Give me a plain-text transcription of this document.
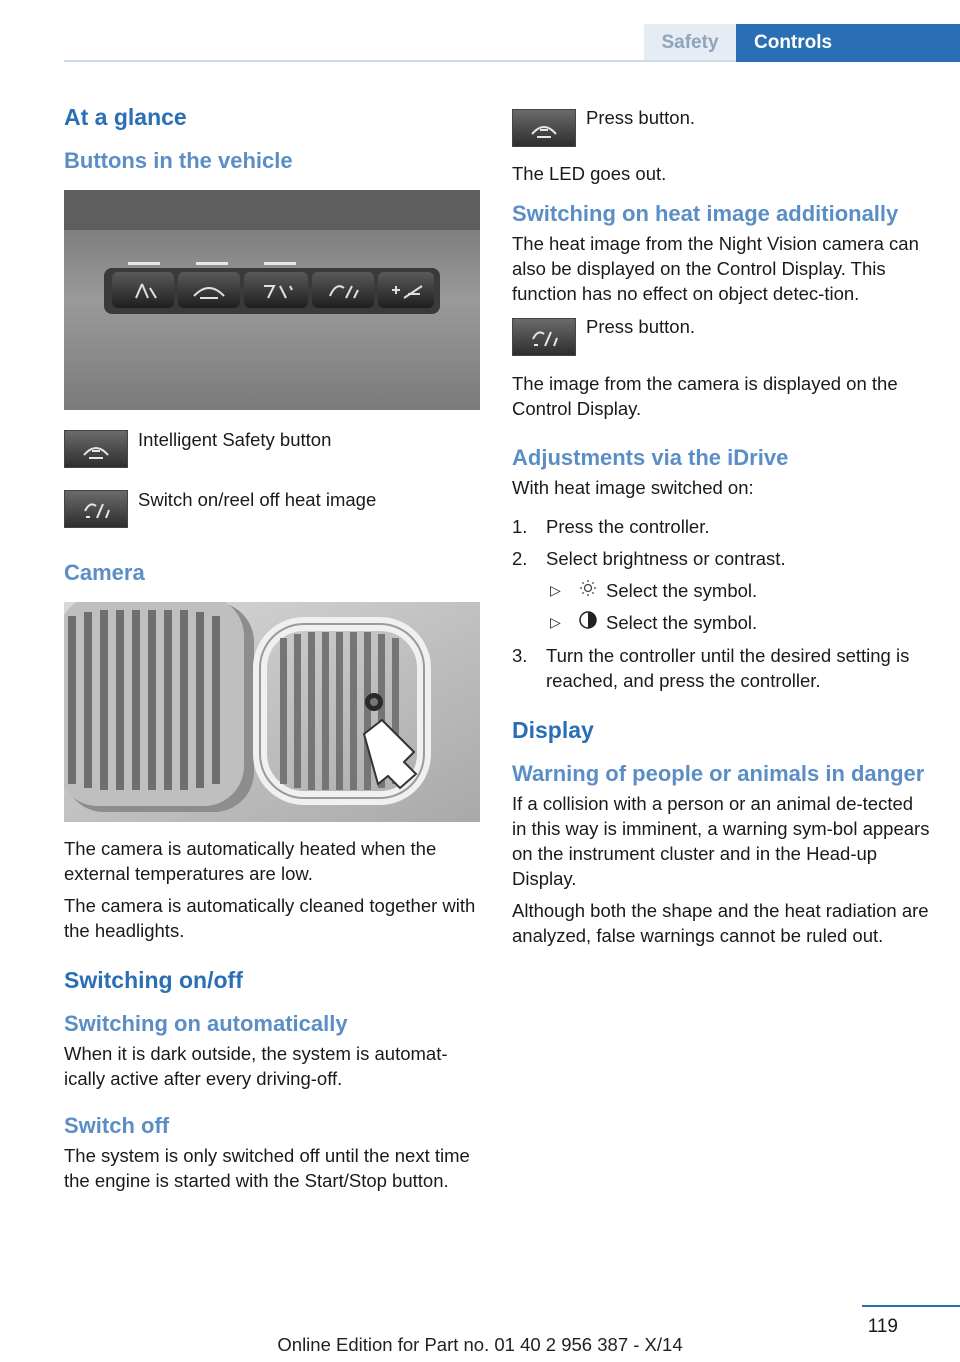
Safety	Controls
At a glance
Buttons in the vehicle
Intelligent Safety button
Switch on/reel off heat image
Camera

The camera is automatically heated when the external temperatures are low.

The camera is automatically cleaned together with the headlights.

Switching on/off
Switching on automatically

When it is dark outside, the system is automat-ically active after every driving-off.

Switch off

The system is only switched off until the next time the engine is started with the Start/Stop button.

Press button.

The LED goes out.

Switching on heat image additionally

The heat image from the Night Vision camera can also be displayed on the Control Display. This function has no effect on object detec-tion.

Press button.

The image from the camera is displayed on the Control Display.

Adjustments via the iDrive

With heat image switched on:

1.	Press the controller.
2.	Select brightness or contrast.
▷	Select the symbol.
▷	Select the symbol.
3.	Turn the controller until the desired setting is reached, and press the controller.
Display
Warning of people or animals in danger

If a collision with a person or an animal de-tected in this way is imminent, a warning sym-bol appears on the instrument cluster and in the Head-up Display.

Although both the shape and the heat radiation are analyzed, false warnings cannot be ruled out.

119
Online Edition for Part no. 01 40 2 956 387 - X/14
